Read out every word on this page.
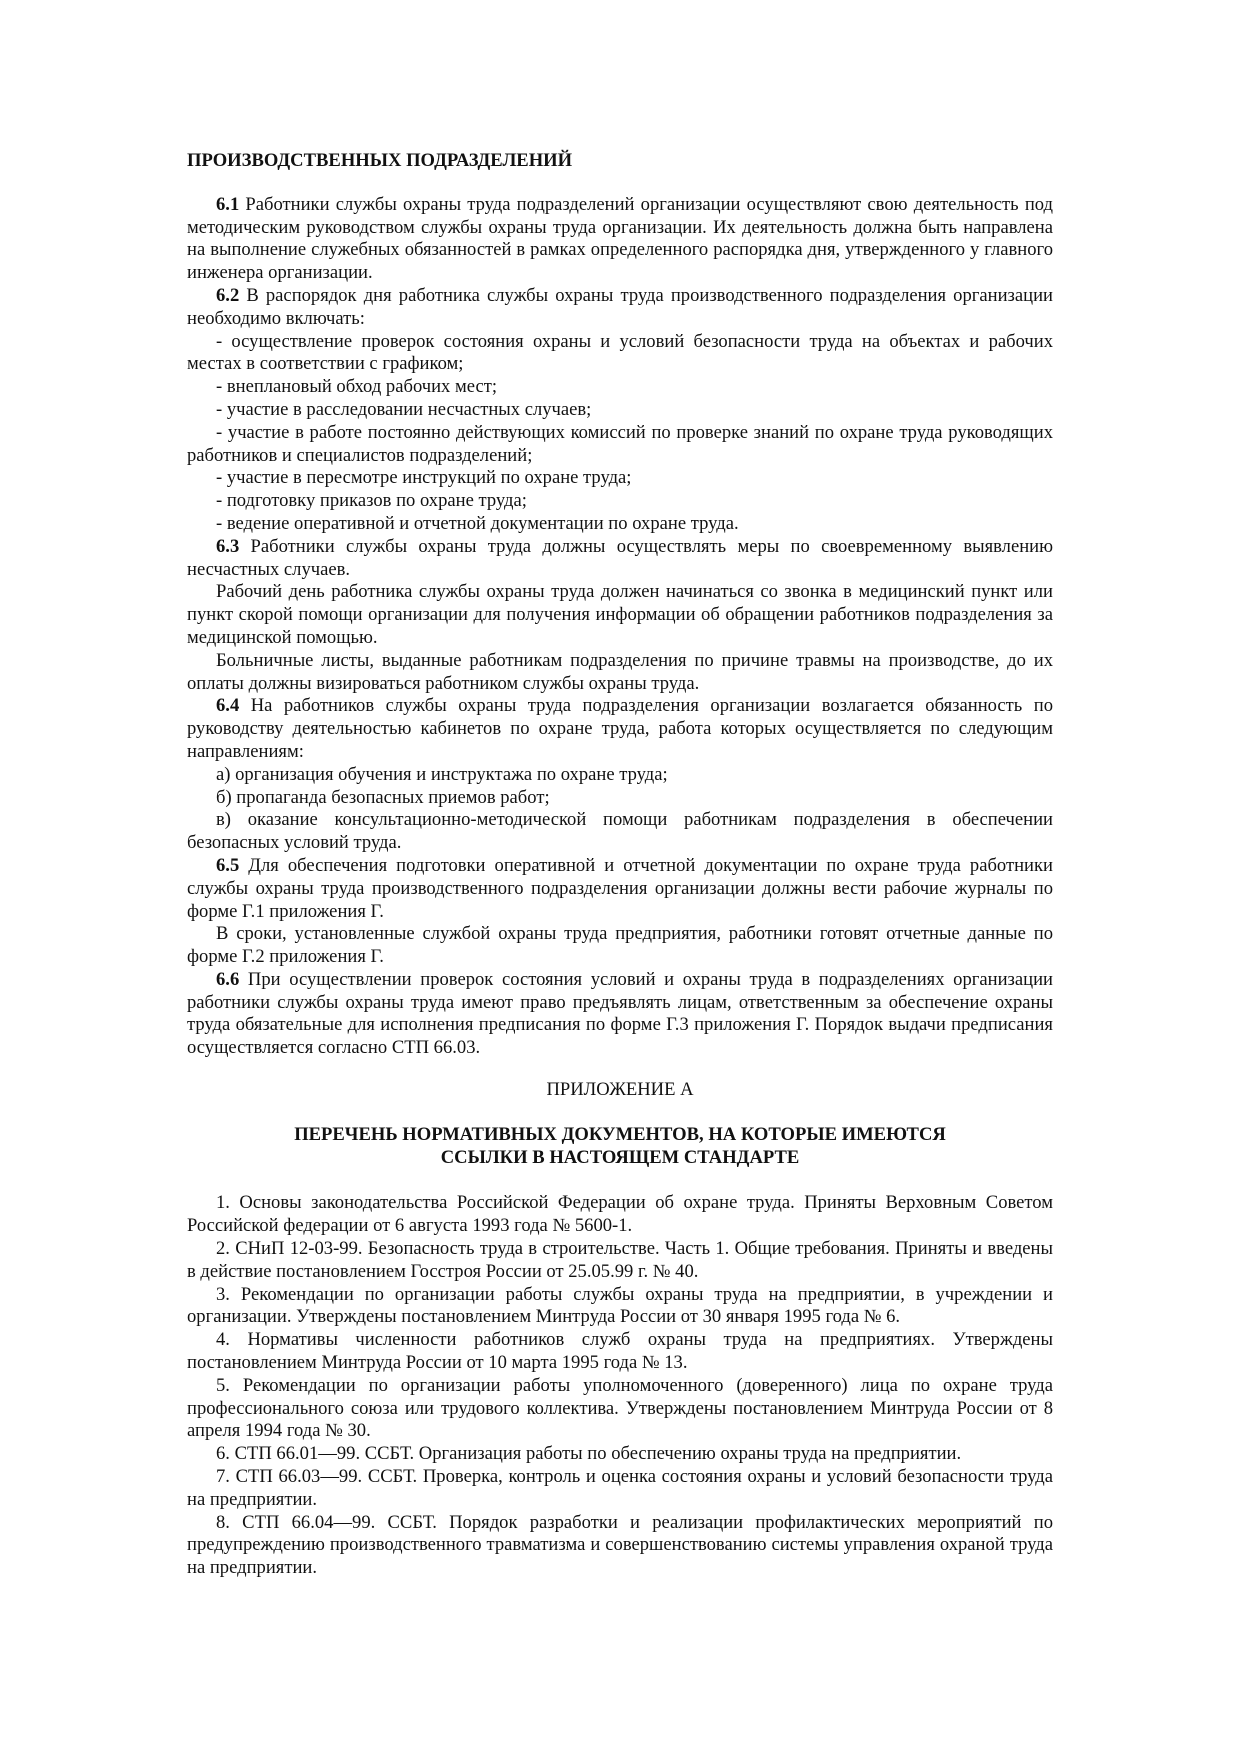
ПРОИЗВОДСТВЕННЫХ ПОДРАЗДЕЛЕНИЙ

6.1 Работники службы охраны труда подразделений организации осуществляют свою деятельность под методическим руководством службы охраны труда организации. Их деятельность должна быть направлена на выполнение служебных обязанностей в рамках определенного распорядка дня, утвержденного у главного инженера организации.

6.2 В распорядок дня работника службы охраны труда производственного подразделения организации необходимо включать:

- осуществление проверок состояния охраны и условий безопасности труда на объектах и рабочих местах в соответствии с графиком;

- внеплановый обход рабочих мест;

- участие в расследовании несчастных случаев;

- участие в работе постоянно действующих комиссий по проверке знаний по охране труда руководящих работников и специалистов подразделений;

- участие в пересмотре инструкций по охране труда;

- подготовку приказов по охране труда;

- ведение оперативной и отчетной документации по охране труда.

6.3 Работники службы охраны труда должны осуществлять меры по своевременному выявлению несчастных случаев.

Рабочий день работника службы охраны труда должен начинаться со звонка в медицинский пункт или пункт скорой помощи организации для получения информации об обращении работников подразделения за медицинской помощью.

Больничные листы, выданные работникам подразделения по причине травмы на производстве, до их оплаты должны визироваться работником службы охраны труда.

6.4 На работников службы охраны труда подразделения организации возлагается обязанность по руководству деятельностью кабинетов по охране труда, работа которых осуществляется по следующим направлениям:

а) организация обучения и инструктажа по охране труда;

б) пропаганда безопасных приемов работ;

в) оказание консультационно-методической помощи работникам подразделения в обеспечении безопасных условий труда.

6.5 Для обеспечения подготовки оперативной и отчетной документации по охране труда работники службы охраны труда производственного подразделения организации должны вести рабочие журналы по форме Г.1 приложения Г.

В сроки, установленные службой охраны труда предприятия, работники готовят отчетные данные по форме Г.2 приложения Г.

6.6 При осуществлении проверок состояния условий и охраны труда в подразделениях организации работники службы охраны труда имеют право предъявлять лицам, ответственным за обеспечение охраны труда обязательные для исполнения предписания по форме Г.3 приложения Г. Порядок выдачи предписания осуществляется согласно СТП 66.03.

ПРИЛОЖЕНИЕ А

ПЕРЕЧЕНЬ НОРМАТИВНЫХ ДОКУМЕНТОВ, НА КОТОРЫЕ ИМЕЮТСЯ
ССЫЛКИ В НАСТОЯЩЕМ СТАНДАРТЕ

1. Основы законодательства Российской Федерации об охране труда. Приняты Верховным Советом Российской федерации от 6 августа 1993 года № 5600-1.

2. СНиП 12-03-99. Безопасность труда в строительстве. Часть 1. Общие требования. Приняты и введены в действие постановлением Госстроя России от 25.05.99 г. № 40.

3. Рекомендации по организации работы службы охраны труда на предприятии, в учреждении и организации. Утверждены постановлением Минтруда России от 30 января 1995 года № 6.

4. Нормативы численности работников служб охраны труда на предприятиях. Утверждены постановлением Минтруда России от 10 марта 1995 года № 13.

5. Рекомендации по организации работы уполномоченного (доверенного) лица по охране труда профессионального союза или трудового коллектива. Утверждены постановлением Минтруда России от 8 апреля 1994 года № 30.

6. СТП 66.01—99. ССБТ. Организация работы по обеспечению охраны труда на предприятии.

7. СТП 66.03—99. ССБТ. Проверка, контроль и оценка состояния охраны и условий безопасности труда на предприятии.

8. СТП 66.04—99. ССБТ. Порядок разработки и реализации профилактических мероприятий по предупреждению производственного травматизма и совершенствованию системы управления охраной труда на предприятии.
